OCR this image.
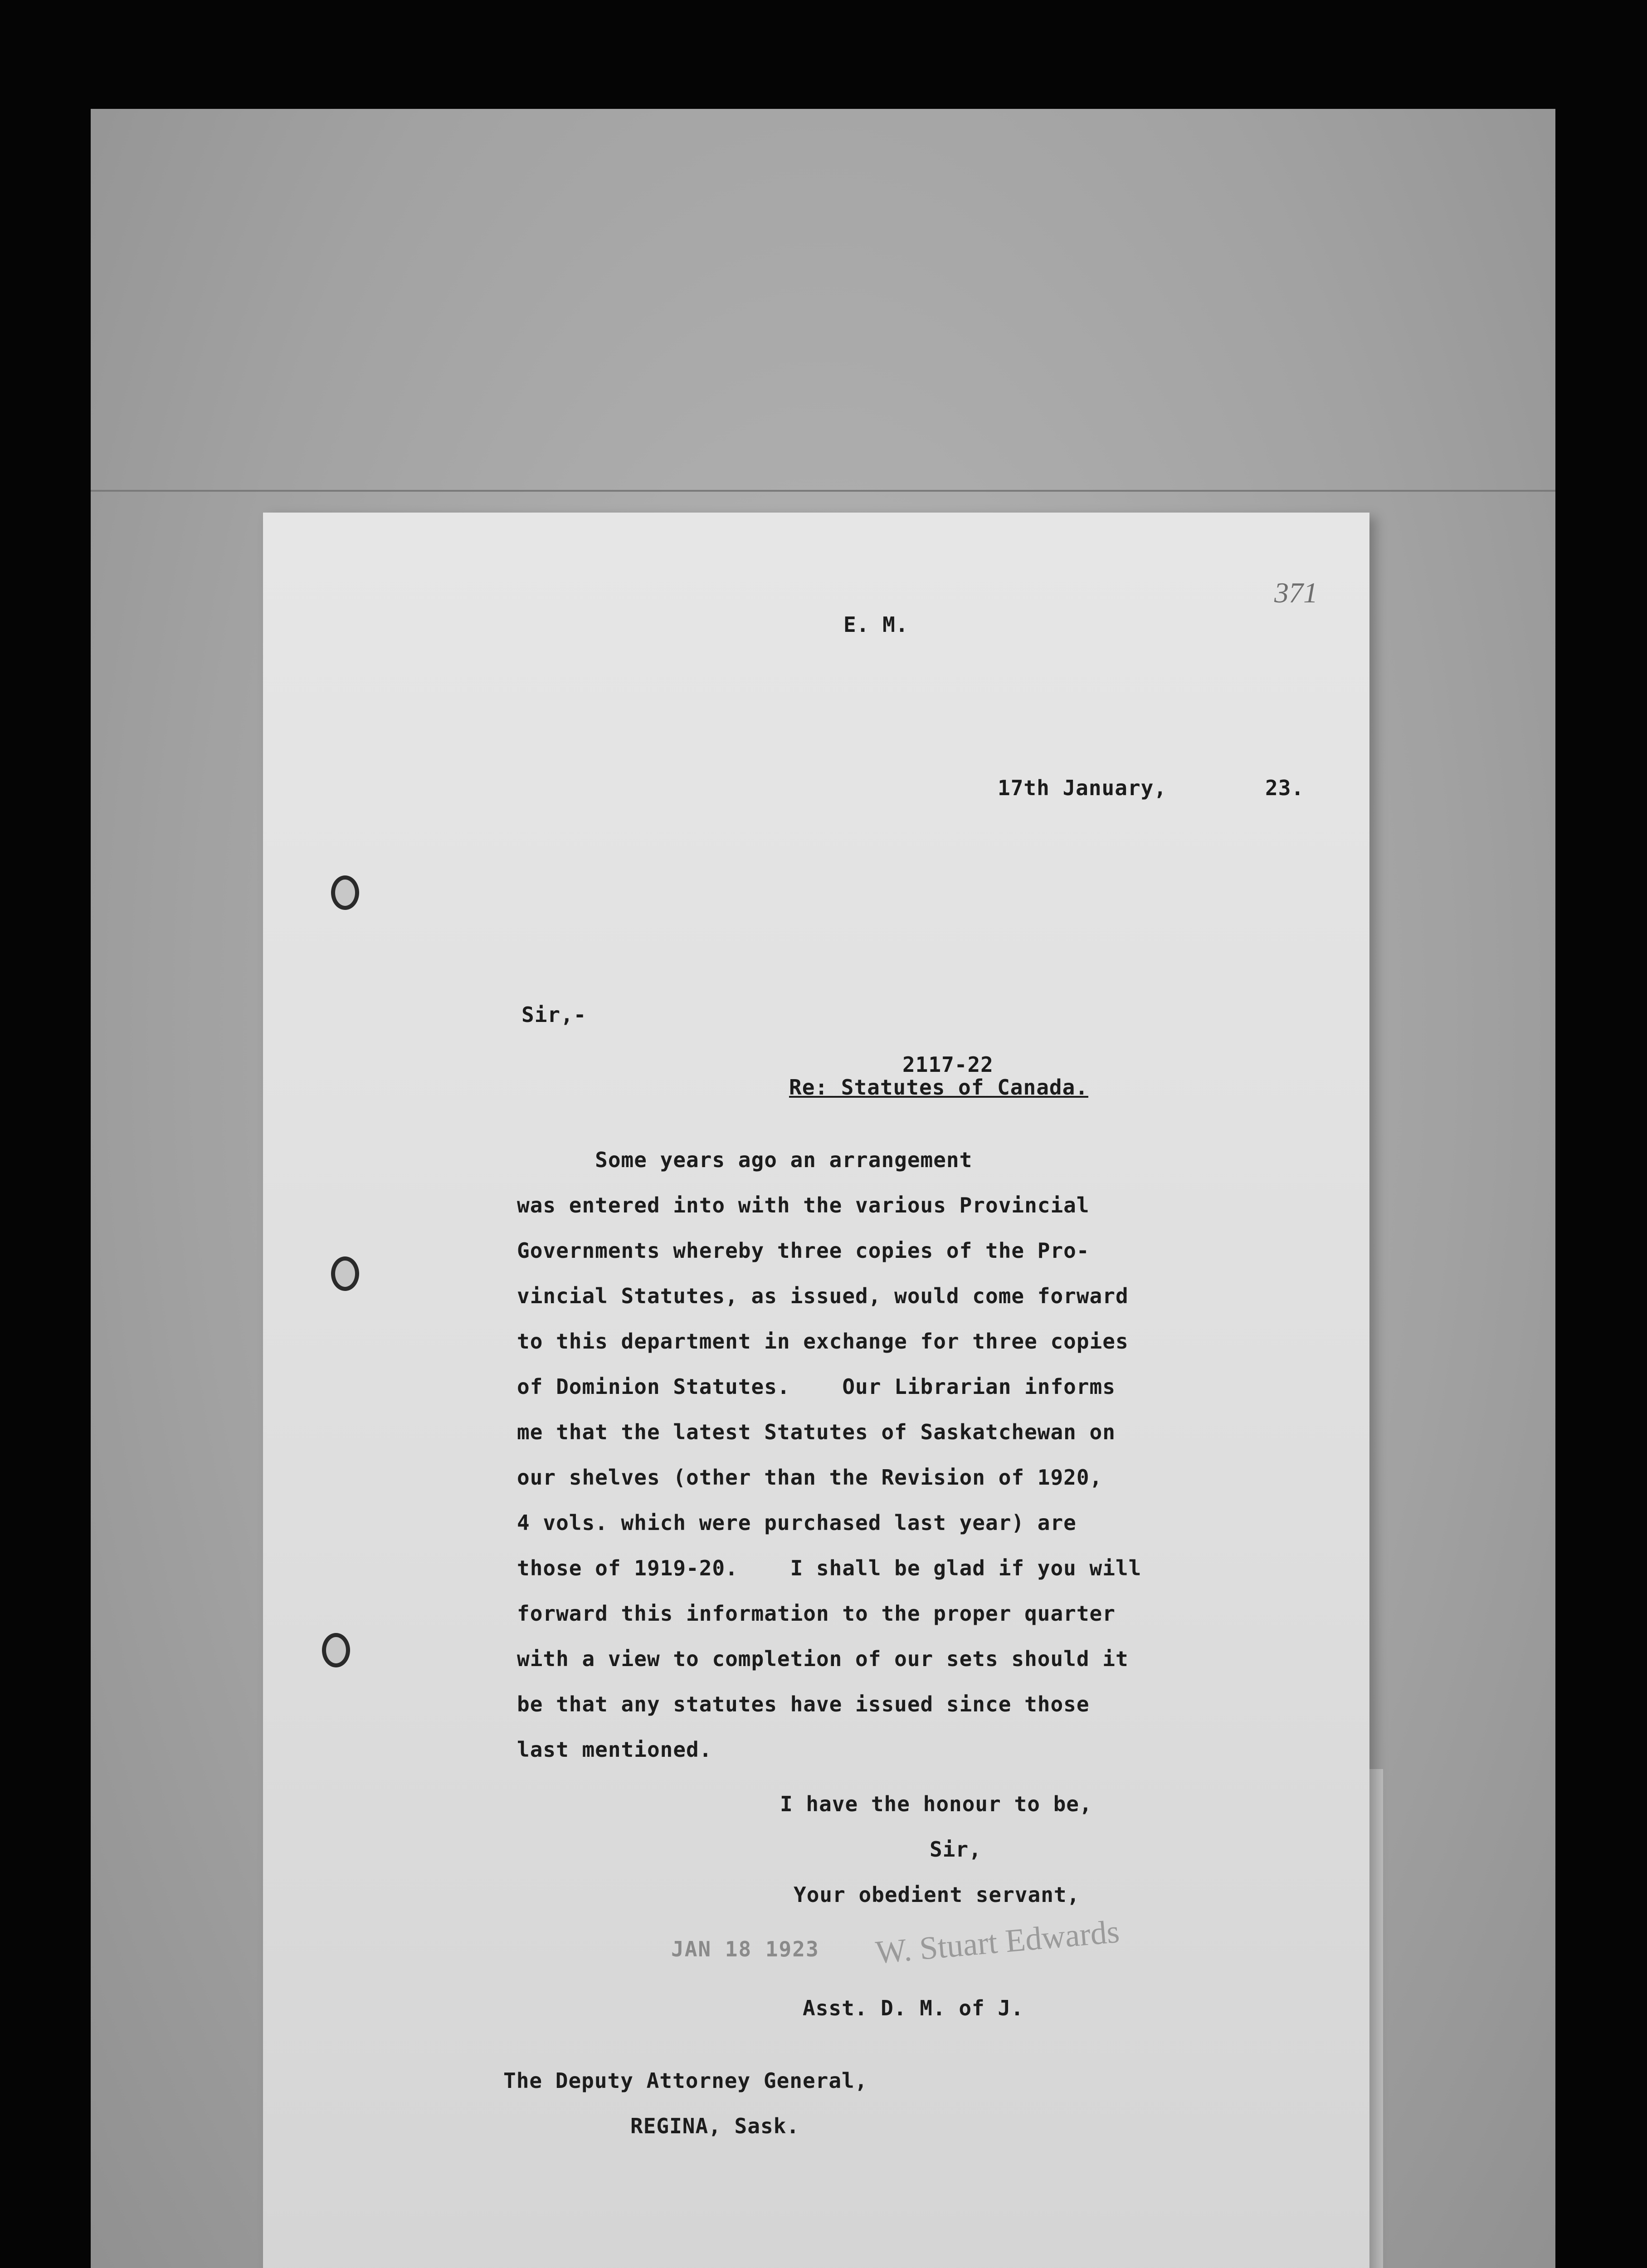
371
E. M.
17th January,	23.
Sir,-
2117-22
Re: Statutes of Canada.
Some years ago an arrangement
was entered into with the various Provincial
Governments whereby three copies of the Pro-
vincial Statutes, as issued, would come forward
to this department in exchange for three copies
of Dominion Statutes.    Our Librarian informs
me that the latest Statutes of Saskatchewan on
our shelves (other than the Revision of 1920,
4 vols. which were purchased last year) are
those of 1919-20.    I shall be glad if you will
forward this information to the proper quarter
with a view to completion of our sets should it
be that any statutes have issued since those
last mentioned.
I have the honour to be,
Sir,
Your obedient servant,
JAN 18 1923 W. Stuart Edwards
Asst. D. M. of J.
The Deputy Attorney General,
REGINA, Sask.
